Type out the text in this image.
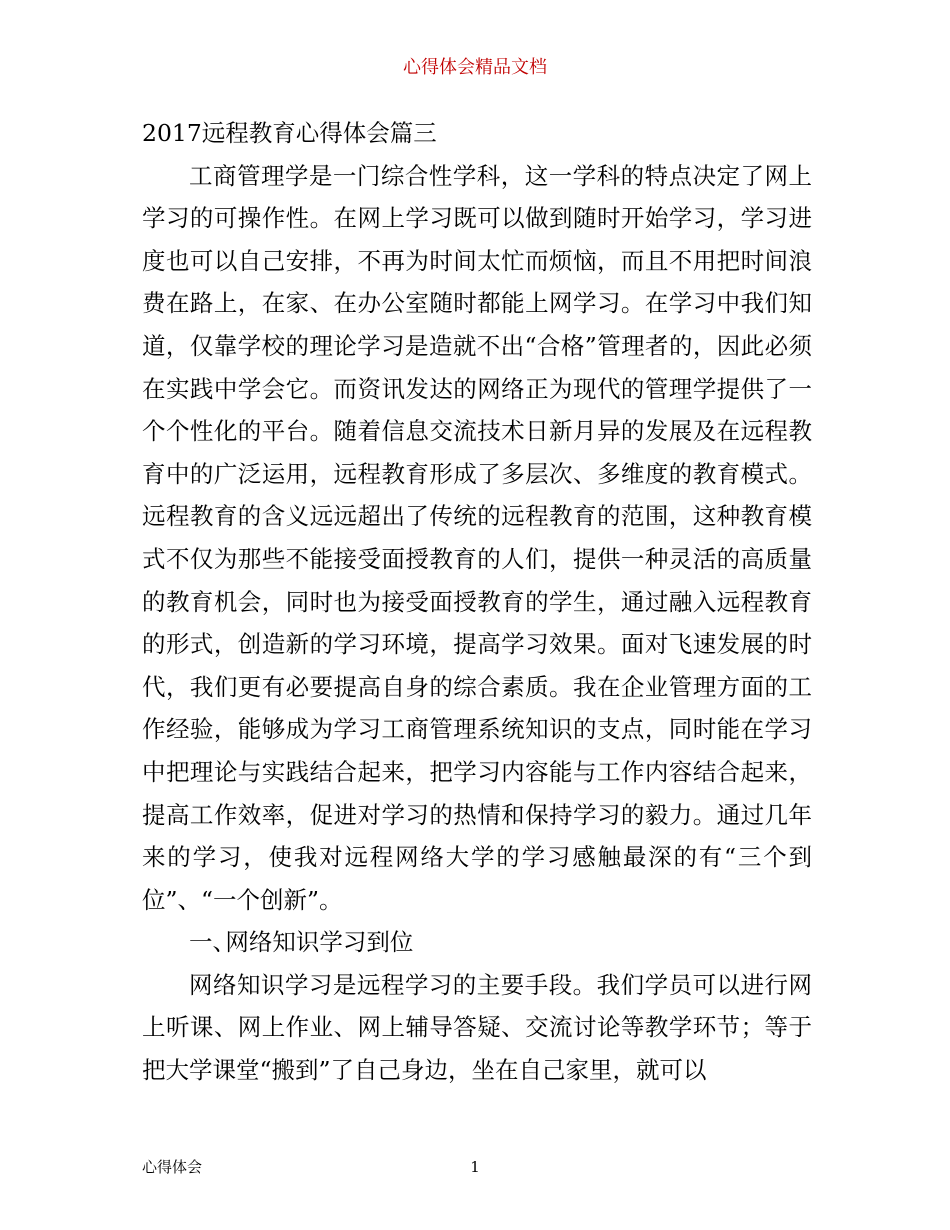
心得体会精品文档

2017远程教育心得体会篇三

工商管理学是一门综合性学科，这一学科的特点决定了网上学习的可操作性。在网上学习既可以做到随时开始学习，学习进度也可以自己安排，不再为时间太忙而烦恼，而且不用把时间浪费在路上，在家、在办公室随时都能上网学习。在学习中我们知道，仅靠学校的理论学习是造就不出“合格”管理者的，因此必须在实践中学会它。而资讯发达的网络正为现代的管理学提供了一个个性化的平台。随着信息交流技术日新月异的发展及在远程教育中的广泛运用，远程教育形成了多层次、多维度的教育模式。远程教育的含义远远超出了传统的远程教育的范围，这种教育模式不仅为那些不能接受面授教育的人们，提供一种灵活的高质量的教育机会，同时也为接受面授教育的学生，通过融入远程教育的形式，创造新的学习环境，提高学习效果。面对飞速发展的时代，我们更有必要提高自身的综合素质。我在企业管理方面的工作经验，能够成为学习工商管理系统知识的支点，同时能在学习中把理论与实践结合起来，把学习内容能与工作内容结合起来，提高工作效率，促进对学习的热情和保持学习的毅力。通过几年来的学习，使我对远程网络大学的学习感触最深的有“三个到位”、“一个创新”。

一、网络知识学习到位

网络知识学习是远程学习的主要手段。我们学员可以进行网上听课、网上作业、网上辅导答疑、交流讨论等教学环节；等于把大学课堂“搬到”了自己身边，坐在自己家里，就可以

心得体会	1
